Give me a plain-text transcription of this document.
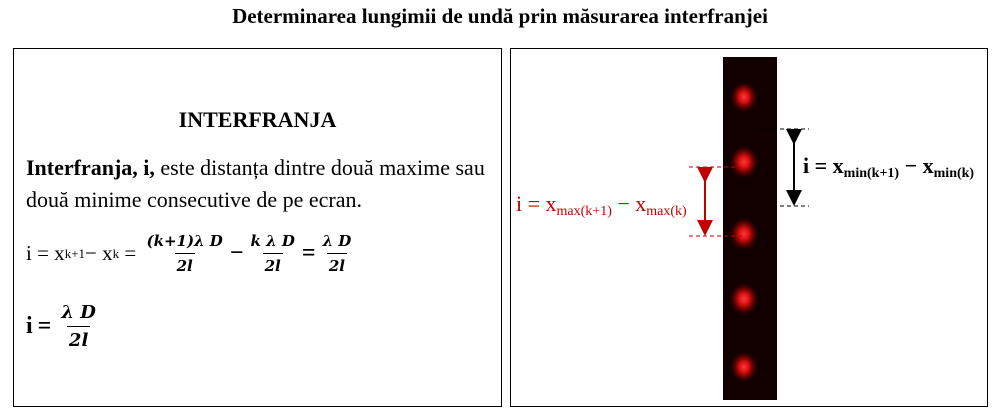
Determinarea lungimii de undă prin măsurarea interfranjei
INTERFRANJA
Interfranja, i, este distanța dintre două maxime sau două minime consecutive de pe ecran.
i = x k+1 − x $k = \frac{\text{(k+1)λ D}}{2l} - \frac{\text{k λ D}}{2l} = \frac{\text{λ D}}{2l}$
$i = \frac{\text{λ D}}{2l}$
i = xmax(k+1) − xmax(k)
i = xmin(k+1) − xmin(k)
